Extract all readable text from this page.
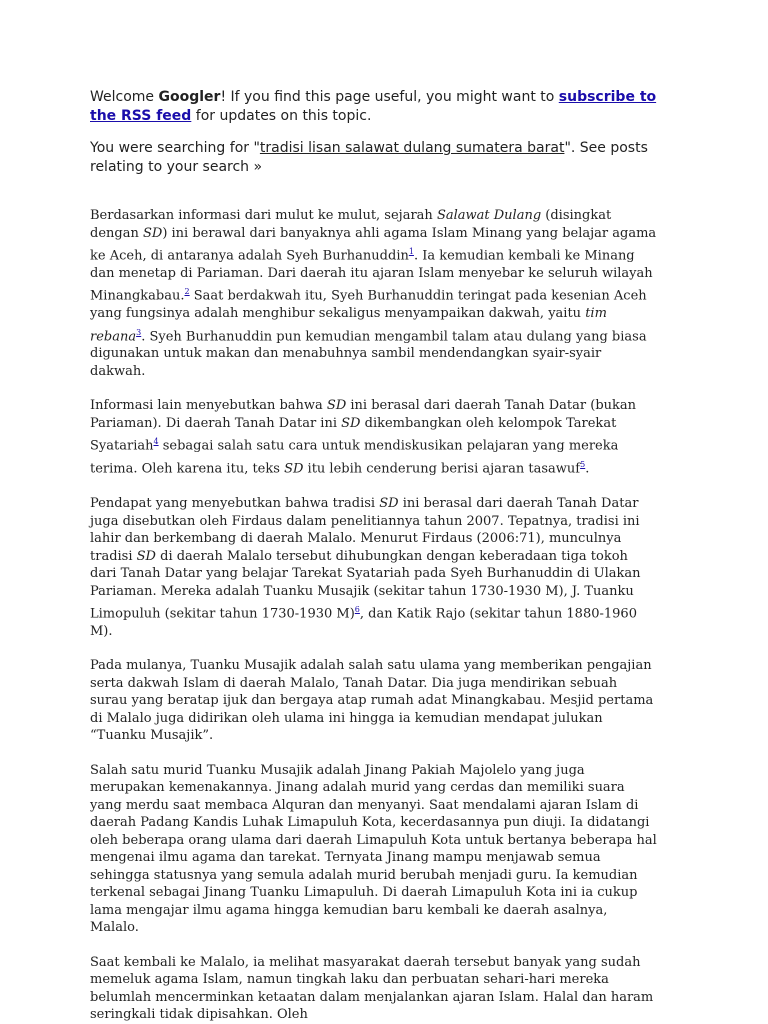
Welcome Googler! If you find this page useful, you might want to subscribe to the RSS feed for updates on this topic.

You were searching for "tradisi lisan salawat dulang sumatera barat". See posts relating to your search »

Berdasarkan informasi dari mulut ke mulut, sejarah Salawat Dulang (disingkat dengan SD) ini berawal dari banyaknya ahli agama Islam Minang yang belajar agama ke Aceh, di antaranya adalah Syeh Burhanuddin$^1$. Ia kemudian kembali ke Minang dan menetap di Pariaman. Dari daerah itu ajaran Islam menyebar ke seluruh wilayah Minangkabau.$^2$ Saat berdakwah itu, Syeh Burhanuddin teringat pada kesenian Aceh yang fungsinya adalah menghibur sekaligus menyampaikan dakwah, yaitu tim rebana$^3$. Syeh Burhanuddin pun kemudian mengambil talam atau dulang yang biasa digunakan untuk makan dan menabuhnya sambil mendendangkan syair-syair dakwah.

Informasi lain menyebutkan bahwa SD ini berasal dari daerah Tanah Datar (bukan Pariaman). Di daerah Tanah Datar ini SD dikembangkan oleh kelompok Tarekat Syatariah$^4$ sebagai salah satu cara untuk mendiskusikan pelajaran yang mereka terima. Oleh karena itu, teks SD itu lebih cenderung berisi ajaran tasawuf$^5$.

Pendapat yang menyebutkan bahwa tradisi SD ini berasal dari daerah Tanah Datar juga disebutkan oleh Firdaus dalam penelitiannya tahun 2007. Tepatnya, tradisi ini lahir dan berkembang di daerah Malalo. Menurut Firdaus (2006:71), munculnya tradisi SD di daerah Malalo tersebut dihubungkan dengan keberadaan tiga tokoh dari Tanah Datar yang belajar Tarekat Syatariah pada Syeh Burhanuddin di Ulakan Pariaman. Mereka adalah Tuanku Musajik (sekitar tahun 1730-1930 M), J. Tuanku Limopuluh (sekitar tahun 1730-1930 M)$^6$, dan Katik Rajo (sekitar tahun 1880-1960 M).

Pada mulanya, Tuanku Musajik adalah salah satu ulama yang memberikan pengajian serta dakwah Islam di daerah Malalo, Tanah Datar. Dia juga mendirikan sebuah surau yang beratap ijuk dan bergaya atap rumah adat Minangkabau. Mesjid pertama di Malalo juga didirikan oleh ulama ini hingga ia kemudian mendapat julukan “Tuanku Musajik”.

Salah satu murid Tuanku Musajik adalah Jinang Pakiah Majolelo yang juga merupakan kemenakannya. Jinang adalah murid yang cerdas dan memiliki suara yang merdu saat membaca Alquran dan menyanyi. Saat mendalami ajaran Islam di daerah Padang Kandis Luhak Limapuluh Kota, kecerdasannya pun diuji. Ia didatangi oleh beberapa orang ulama dari daerah Limapuluh Kota untuk bertanya beberapa hal mengenai ilmu agama dan tarekat. Ternyata Jinang mampu menjawab semua sehingga statusnya yang semula adalah murid berubah menjadi guru. Ia kemudian terkenal sebagai Jinang Tuanku Limapuluh. Di daerah Limapuluh Kota ini ia cukup lama mengajar ilmu agama hingga kemudian baru kembali ke daerah asalnya, Malalo.

Saat kembali ke Malalo, ia melihat masyarakat daerah tersebut banyak yang sudah memeluk agama Islam, namun tingkah laku dan perbuatan sehari-hari mereka belumlah mencerminkan ketaatan dalam menjalankan ajaran Islam. Halal dan haram seringkali tidak dipisahkan. Oleh
